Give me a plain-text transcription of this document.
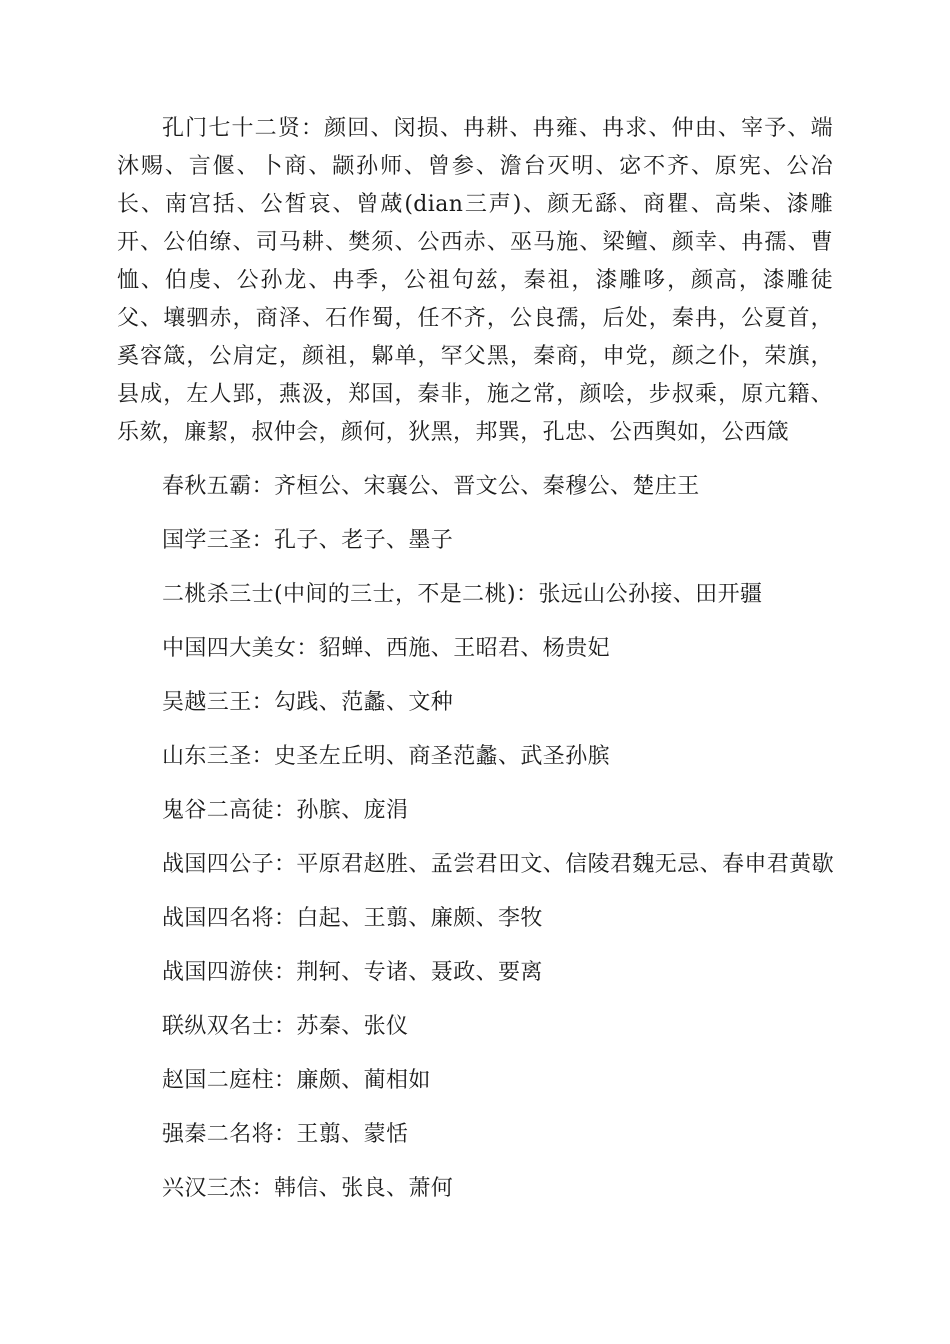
孔门七十二贤：颜回、闵损、冉耕、冉雍、冉求、仲由、宰予、端沐赐、言偃、卜商、颛孙师、曾参、澹台灭明、宓不齐、原宪、公冶长、南宫括、公皙哀、曾蒧(dian三声)、颜无繇、商瞿、高柴、漆雕开、公伯缭、司马耕、樊须、公西赤、巫马施、梁鳣、颜幸、冉孺、曹恤、伯虔、公孙龙、冉季，公祖句兹，秦祖，漆雕哆，颜高，漆雕徒父、壤驷赤，商泽、石作蜀，任不齐，公良孺，后处，秦冉，公夏首，奚容箴，公肩定，颜祖，鄡单，罕父黑，秦商，申党，颜之仆，荣旗，县成，左人郢，燕汲，郑国，秦非，施之常，颜哙，步叔乘，原亢籍、乐欬，廉絜，叔仲会，颜何，狄黑，邦巽，孔忠、公西舆如，公西箴

春秋五霸：齐桓公、宋襄公、晋文公、秦穆公、楚庄王
国学三圣：孔子、老子、墨子
二桃杀三士(中间的三士，不是二桃)：张远山公孙接、田开疆
中国四大美女：貂蝉、西施、王昭君、杨贵妃
吴越三王：勾践、范蠡、文种
山东三圣：史圣左丘明、商圣范蠡、武圣孙膑
鬼谷二高徒：孙膑、庞涓
战国四公子：平原君赵胜、孟尝君田文、信陵君魏无忌、春申君黄歇
战国四名将：白起、王翦、廉颇、李牧
战国四游侠：荆轲、专诸、聂政、要离
联纵双名士：苏秦、张仪
赵国二庭柱：廉颇、蔺相如
强秦二名将：王翦、蒙恬
兴汉三杰：韩信、张良、萧何
